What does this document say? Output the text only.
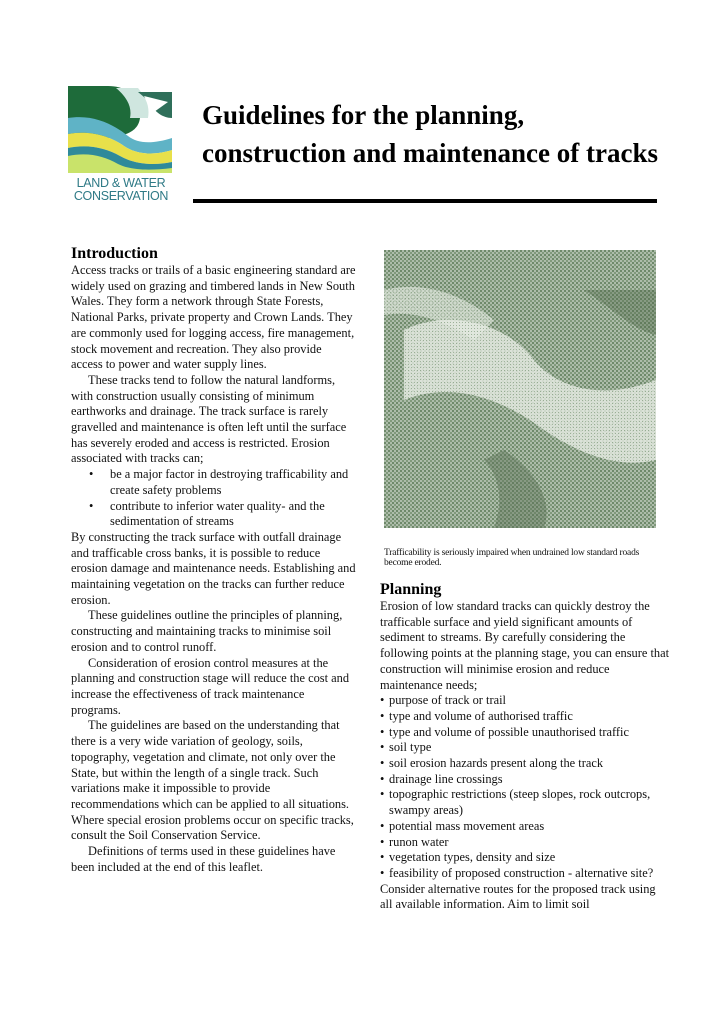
LAND & WATER
CONSERVATION
Guidelines for the planning,
construction and maintenance of tracks
Introduction

Access tracks or trails of a basic engineering standard are widely used on grazing and timbered lands in New South Wales. They form a network through State Forests, National Parks, private property and Crown Lands. They are commonly used for logging access, fire management, stock movement and recreation. They also provide access to power and water supply lines.

These tracks tend to follow the natural landforms, with construction usually consisting of minimum earthworks and drainage. The track surface is rarely gravelled and maintenance is often left until the surface has severely eroded and access is restricted. Erosion associated with tracks can;

• be a major factor in destroying trafficability and create safety problems
• contribute to inferior water quality- and the sedimentation of streams

By constructing the track surface with outfall drainage and trafficable cross banks, it is possible to reduce erosion damage and maintenance needs. Establishing and maintaining vegetation on the tracks can further reduce erosion.

These guidelines outline the principles of planning, constructing and maintaining tracks to minimise soil erosion and to control runoff.

Consideration of erosion control measures at the planning and construction stage will reduce the cost and increase the effectiveness of track maintenance programs.

The guidelines are based on the understanding that there is a very wide variation of geology, soils, topography, vegetation and climate, not only over the State, but within the length of a single track. Such variations make it impossible to provide recommendations which can be applied to all situations. Where special erosion problems occur on specific tracks, consult the Soil Conservation Service.

Definitions of terms used in these guidelines have been included at the end of this leaflet.

Trafficability is seriously impaired when undrained low standard roads become eroded.

Planning

Erosion of low standard tracks can quickly destroy the trafficable surface and yield significant amounts of sediment to streams. By carefully considering the following points at the planning stage, you can ensure that construction will minimise erosion and reduce maintenance needs;

• purpose of track or trail
• type and volume of authorised traffic
• type and volume of possible unauthorised traffic
• soil type
• soil erosion hazards present along the track
• drainage line crossings
• topographic restrictions (steep slopes, rock outcrops, swampy areas)
• potential mass movement areas
• runon water
• vegetation types, density and size
• feasibility of proposed construction - alternative site?

Consider alternative routes for the proposed track using all available information. Aim to limit soil
